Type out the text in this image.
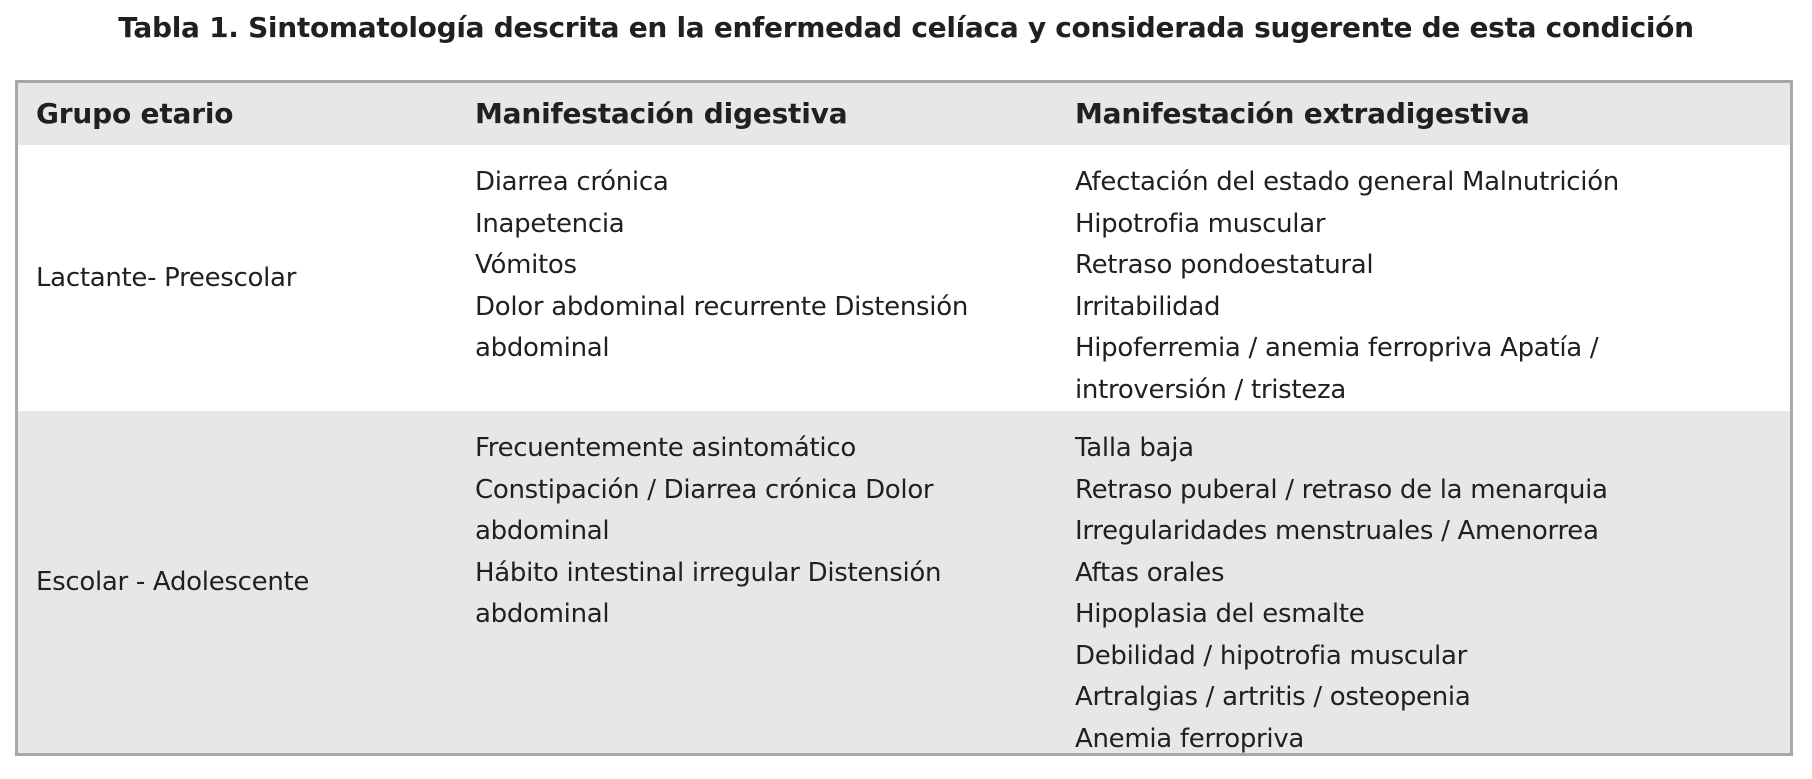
Tabla 1. Sintomatología descrita en la enfermedad celíaca y considerada sugerente de esta condición
Grupo etario	Manifestación digestiva	Manifestación extradigestiva
Lactante- Preescolar
Diarrea crónica
Inapetencia
Vómitos
Dolor abdominal recurrente Distensión
abdominal
Afectación del estado general Malnutrición
Hipotrofia muscular
Retraso pondoestatural
Irritabilidad
Hipoferremia / anemia ferropriva Apatía /
introversión / tristeza
Escolar - Adolescente
Frecuentemente asintomático
Constipación / Diarrea crónica Dolor
abdominal
Hábito intestinal irregular Distensión
abdominal
Talla baja
Retraso puberal / retraso de la menarquia
Irregularidades menstruales / Amenorrea
Aftas orales
Hipoplasia del esmalte
Debilidad / hipotrofia muscular
Artralgias / artritis / osteopenia
Anemia ferropriva
